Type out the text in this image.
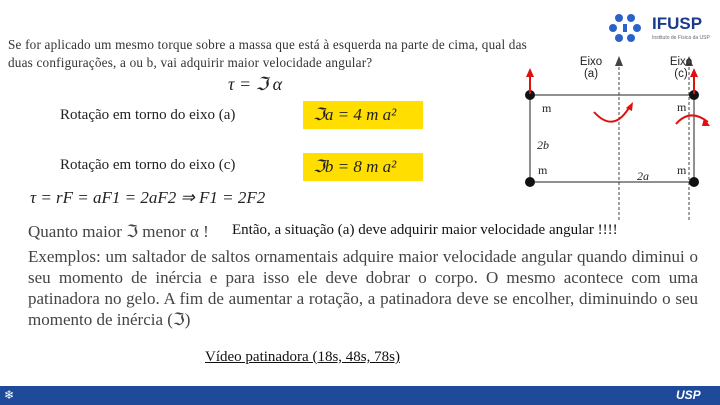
Se for aplicado um mesmo torque sobre a massa que está à esquerda na parte de cima, qual das duas configurações, a ou b, vai adquirir maior velocidade angular?
IFUSP
Instituto de Física da USP
Eixo
(a)
Eixo
(c)
m	m
m	m
2b
2a
τ = ℑ α
Rotação em torno do eixo (a)	ℑa = 4 m a²
Rotação em torno do eixo (c)	ℑb = 8 m a²
τ = rF = aF1 = 2aF2 ⇒ F1 = 2F2
Quanto maior ℑ menor α ! Então, a situação (a) deve adquirir maior velocidade angular !!!!
Exemplos: um saltador de saltos ornamentais adquire maior velocidade angular quando diminui o seu momento de inércia e para isso ele deve dobrar o corpo. O mesmo acontece com uma patinadora no gelo. A fim de aumentar a rotação, a patinadora deve se encolher, diminuindo o seu momento de inércia (ℑ)
Vídeo patinadora (18s, 48s, 78s)
❄	USP
